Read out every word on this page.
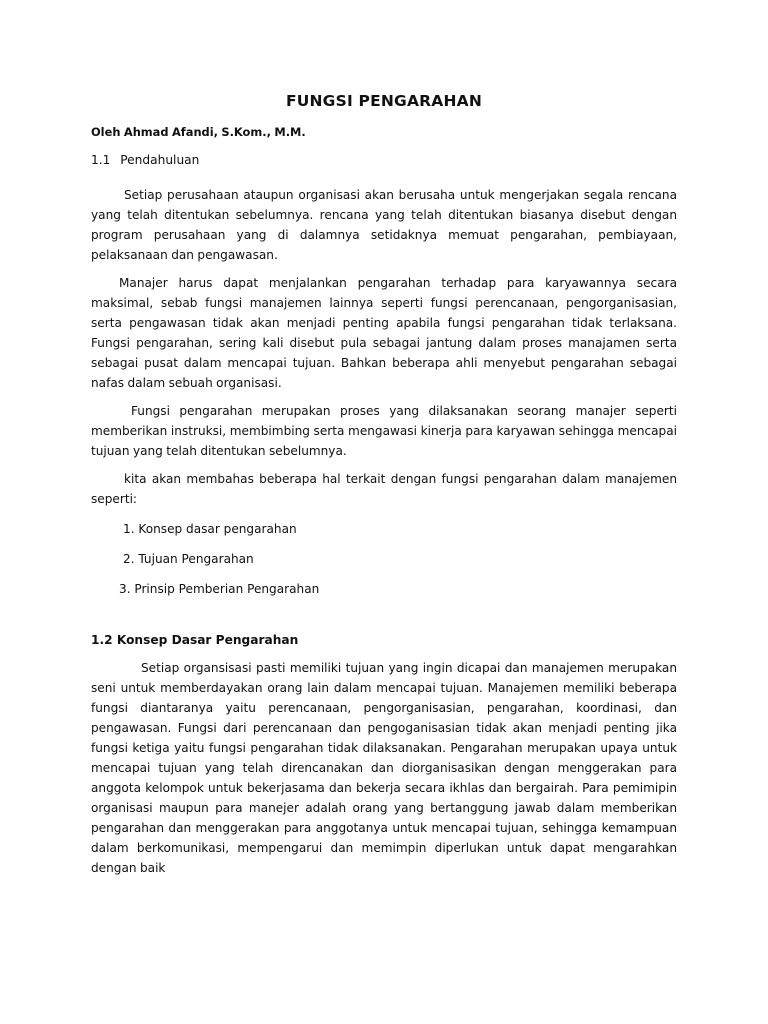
FUNGSI PENGARAHAN
Oleh Ahmad Afandi, S.Kom., M.M.
1.1 Pendahuluan

Setiap perusahaan ataupun organisasi akan berusaha untuk mengerjakan segala rencana yang telah ditentukan sebelumnya. rencana yang telah ditentukan biasanya disebut dengan program perusahaan yang di dalamnya setidaknya memuat pengarahan, pembiayaan, pelaksanaan dan pengawasan.

Manajer harus dapat menjalankan pengarahan terhadap para karyawannya secara maksimal, sebab fungsi manajemen lainnya seperti fungsi perencanaan, pengorganisasian, serta pengawasan tidak akan menjadi penting apabila fungsi pengarahan tidak terlaksana. Fungsi pengarahan, sering kali disebut pula sebagai jantung dalam proses manajamen serta sebagai pusat dalam mencapai tujuan. Bahkan beberapa ahli menyebut pengarahan sebagai nafas dalam sebuah organisasi.

Fungsi pengarahan merupakan proses yang dilaksanakan seorang manajer seperti memberikan instruksi, membimbing serta mengawasi kinerja para karyawan sehingga mencapai tujuan yang telah ditentukan sebelumnya.

kita akan membahas beberapa hal terkait dengan fungsi pengarahan dalam manajemen seperti:

1. Konsep dasar pengarahan
2. Tujuan Pengarahan
3. Prinsip Pemberian Pengarahan
1.2 Konsep Dasar Pengarahan

Setiap organsisasi pasti memiliki tujuan yang ingin dicapai dan manajemen merupakan seni untuk memberdayakan orang lain dalam mencapai tujuan. Manajemen memiliki beberapa fungsi diantaranya yaitu perencanaan, pengorganisasian, pengarahan, koordinasi, dan pengawasan. Fungsi dari perencanaan dan pengoganisasian tidak akan menjadi penting jika fungsi ketiga yaitu fungsi pengarahan tidak dilaksanakan. Pengarahan merupakan upaya untuk mencapai tujuan yang telah direncanakan dan diorganisasikan dengan menggerakan para anggota kelompok untuk bekerjasama dan bekerja secara ikhlas dan bergairah. Para pemimipin organisasi maupun para manejer adalah orang yang bertanggung jawab dalam memberikan pengarahan dan menggerakan para anggotanya untuk mencapai tujuan, sehingga kemampuan dalam berkomunikasi, mempengarui dan memimpin diperlukan untuk dapat mengarahkan dengan baik
